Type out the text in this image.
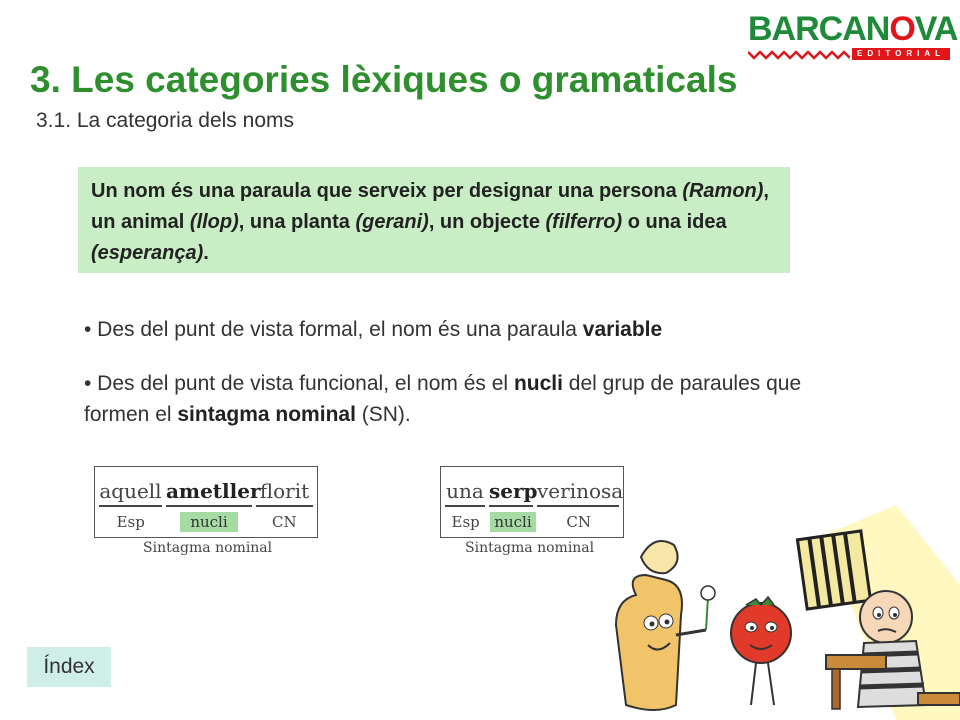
BARCANOVA
EDITORIAL
3. Les categories lèxiques o gramaticals
3.1. La categoria dels noms
Un nom és una paraula que serveix per designar una persona (Ramon), un animal (llop), una planta (gerani), un objecte (filferro) o una idea (esperança).
• Des del punt de vista formal, el nom és una paraula variable
• Des del punt de vista funcional, el nom és el nucli del grup de paraules que formen el sintagma nominal (SN).
aquell ametller florit
Esp	nucli	CN
Sintagma nominal
una serp verinosa
Esp nucli	CN
Sintagma nominal
Índex
